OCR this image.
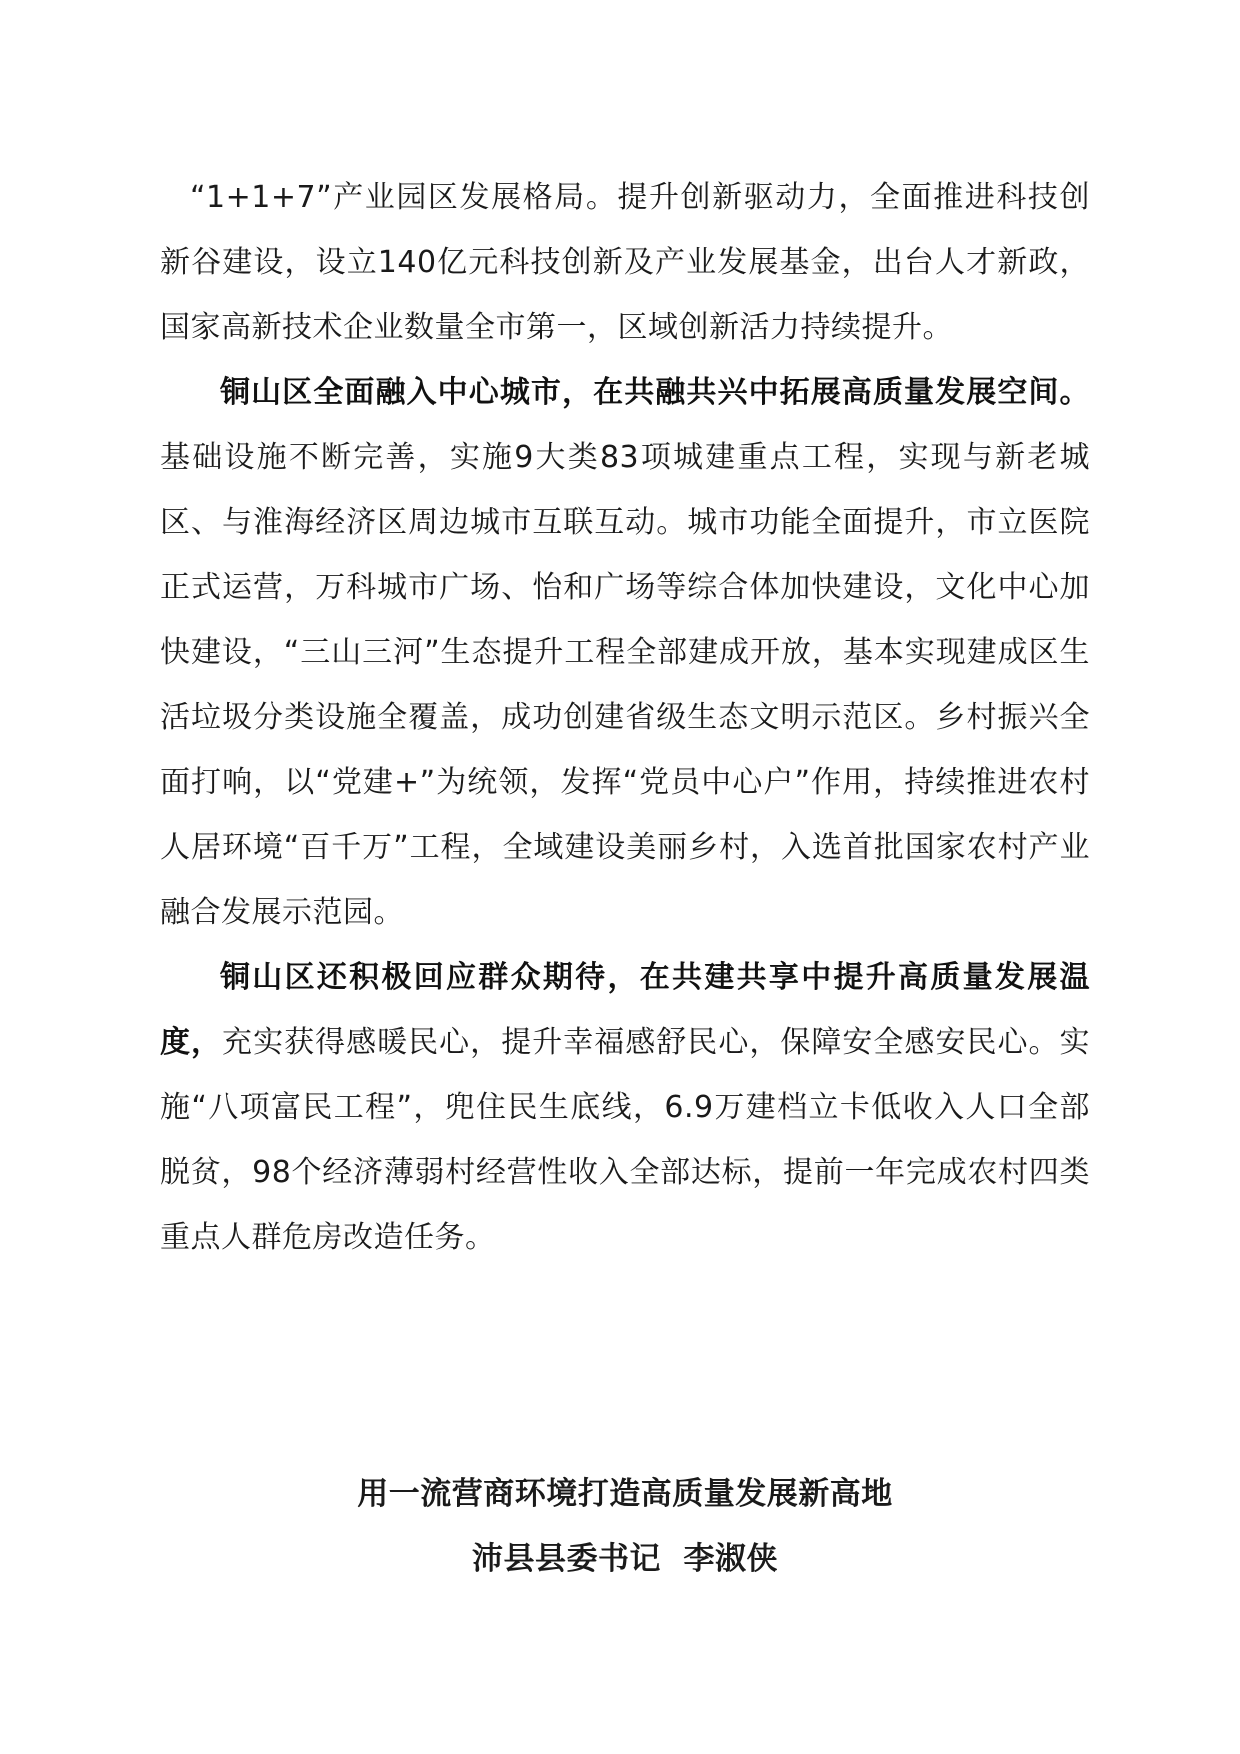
“1+1+7”产业园区发展格局。提升创新驱动力，全面推进科技创新谷建设，设立140亿元科技创新及产业发展基金，出台人才新政，国家高新技术企业数量全市第一，区域创新活力持续提升。

铜山区全面融入中心城市，在共融共兴中拓展高质量发展空间。基础设施不断完善，实施9大类83项城建重点工程，实现与新老城区、与淮海经济区周边城市互联互动。城市功能全面提升，市立医院正式运营，万科城市广场、怡和广场等综合体加快建设，文化中心加快建设，“三山三河”生态提升工程全部建成开放，基本实现建成区生活垃圾分类设施全覆盖，成功创建省级生态文明示范区。乡村振兴全面打响，以“党建+”为统领，发挥“党员中心户”作用，持续推进农村人居环境“百千万”工程，全域建设美丽乡村，入选首批国家农村产业融合发展示范园。

铜山区还积极回应群众期待，在共建共享中提升高质量发展温度，充实获得感暖民心，提升幸福感舒民心，保障安全感安民心。实施“八项富民工程”，兜住民生底线，6.9万建档立卡低收入人口全部脱贫，98个经济薄弱村经营性收入全部达标，提前一年完成农村四类重点人群危房改造任务。

用一流营商环境打造高质量发展新高地
沛县县委书记  李淑侠
